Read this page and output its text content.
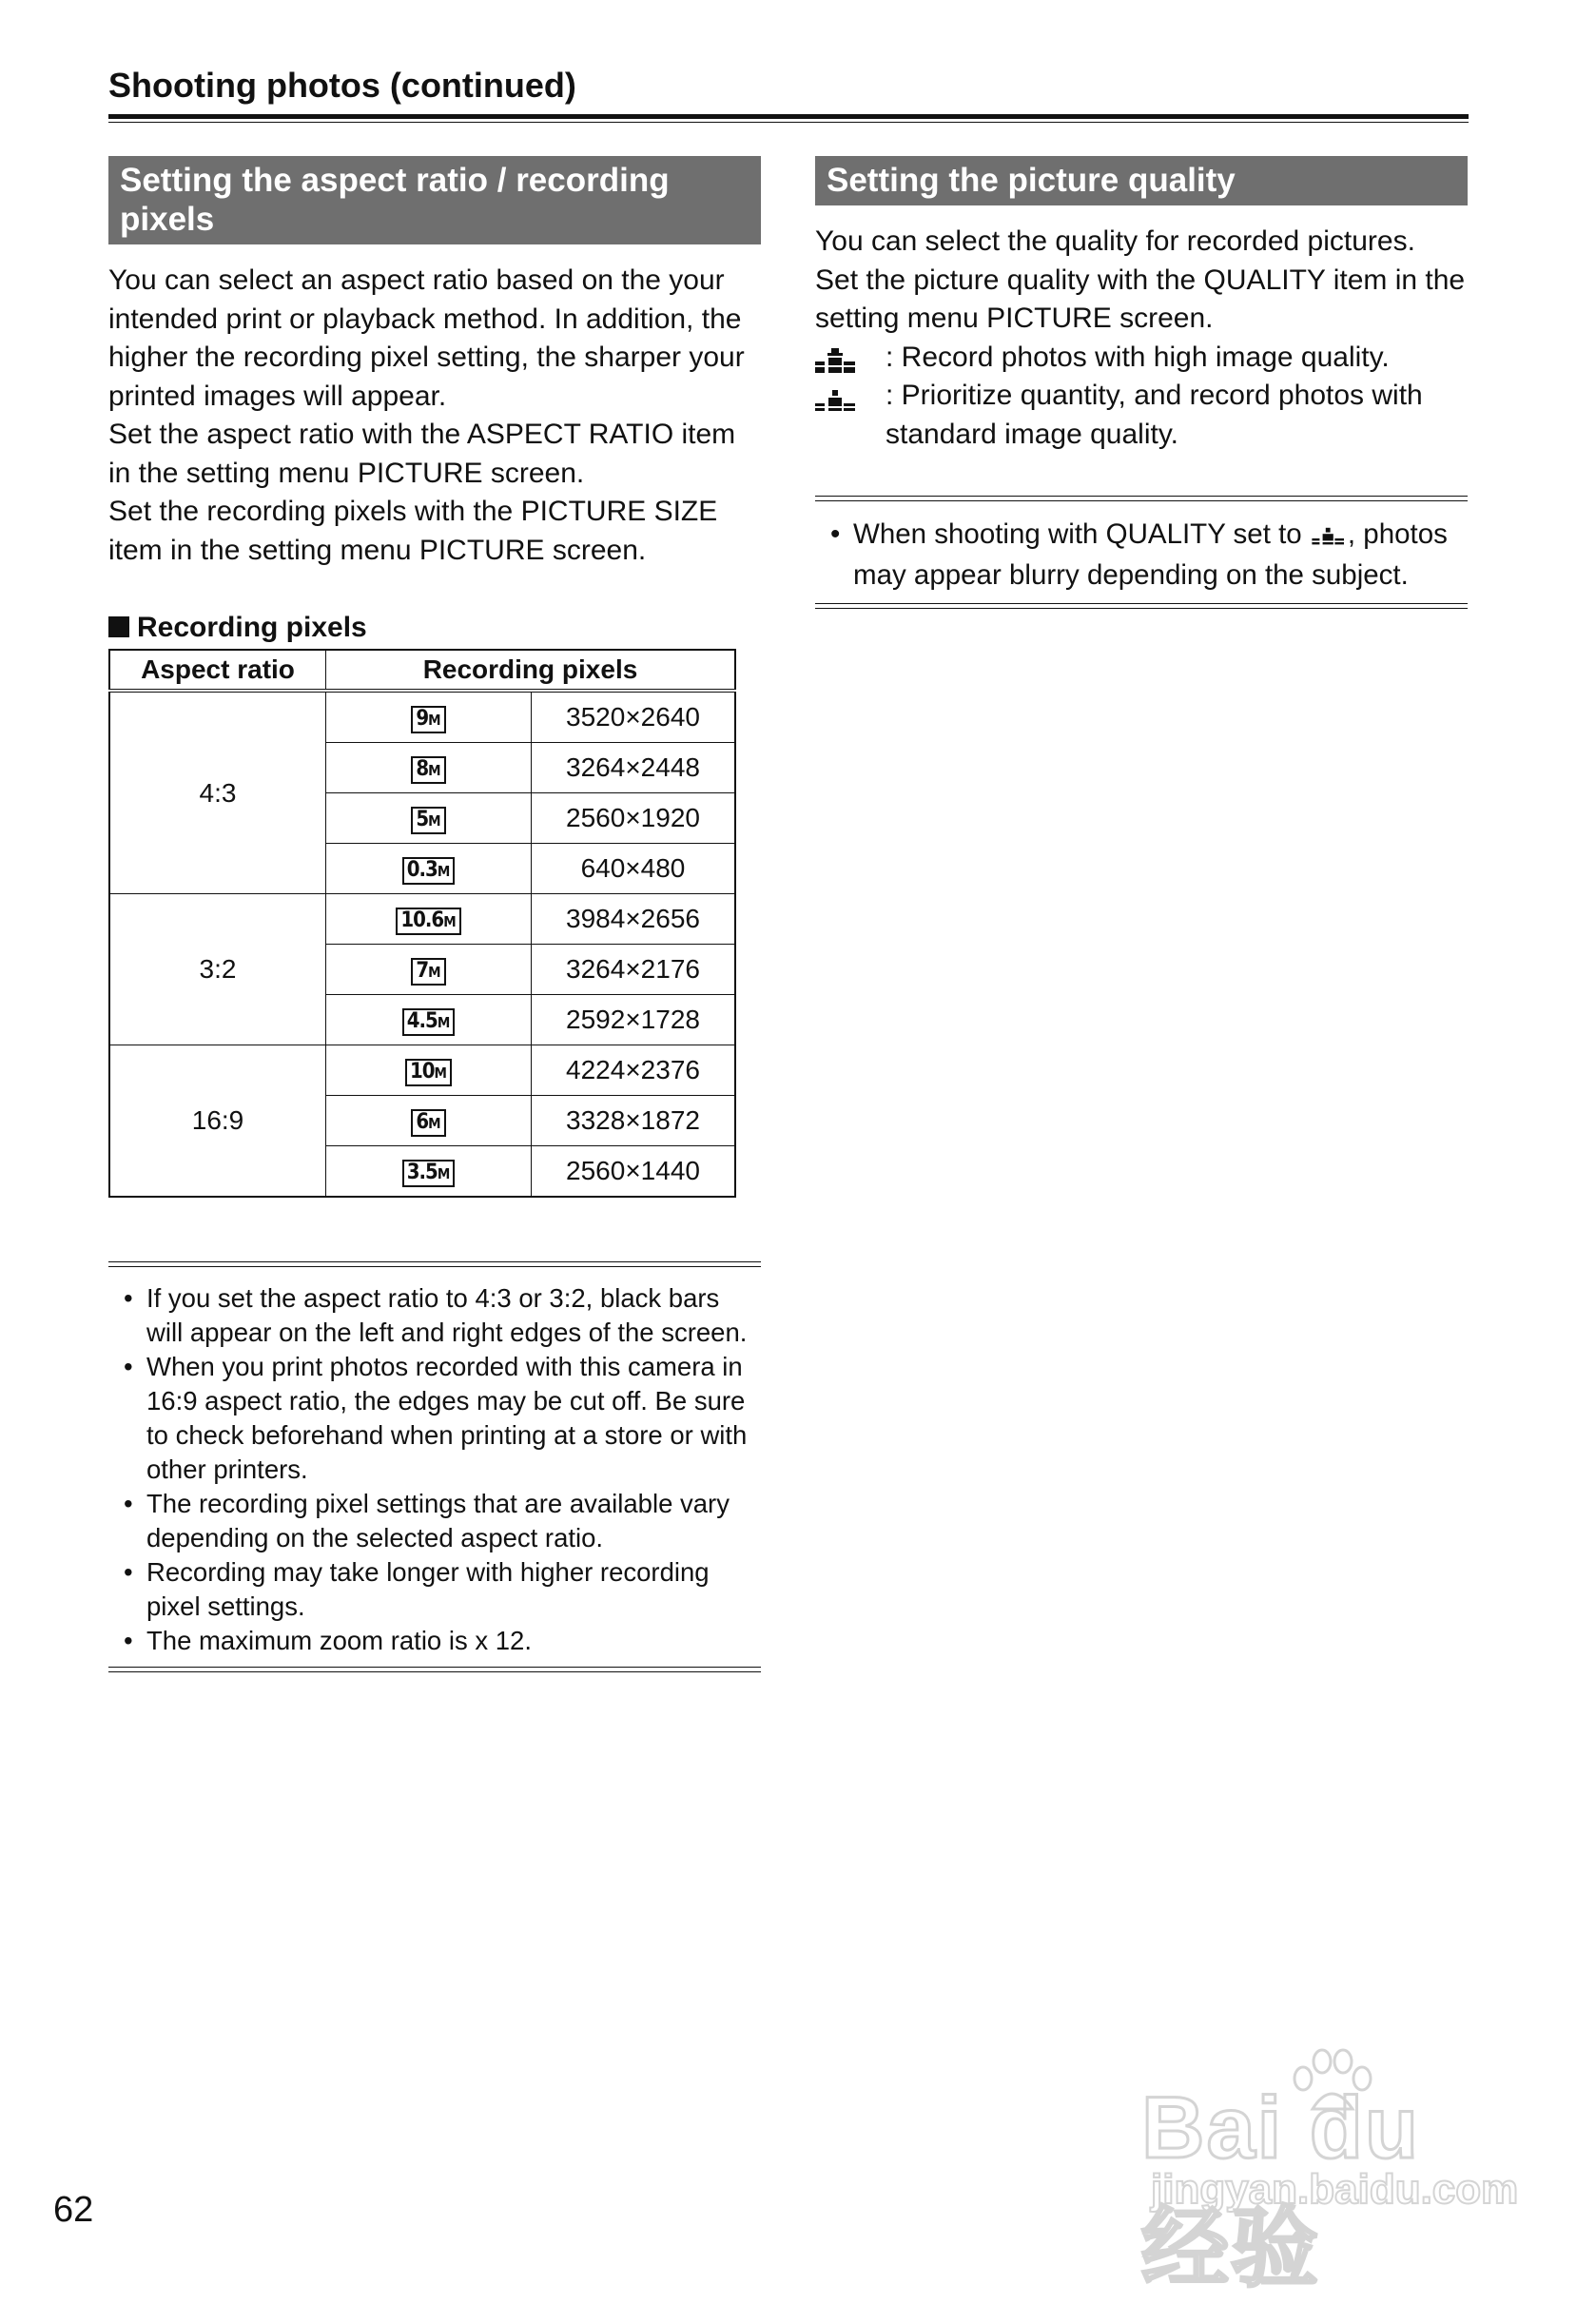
Shooting photos (continued)
Setting the aspect ratio / recording pixels

You can select an aspect ratio based on the your intended print or playback method. In addition, the higher the recording pixel setting, the sharper your printed images will appear.

Set the aspect ratio with the ASPECT RATIO item in the setting menu PICTURE screen.

Set the recording pixels with the PICTURE SIZE item in the setting menu PICTURE screen.

Recording pixels
Aspect ratio	Recording pixels	
4:3	9M	3520×2640
	8M	3264×2448
	5M	2560×1920
	0.3M	640×480
3:2	10.6M	3984×2656
	7M	3264×2176
	4.5M	2592×1728
16:9	10M	4224×2376
	6M	3328×1872
	3.5M	2560×1440
• If you set the aspect ratio to 4:3 or 3:2, black bars will appear on the left and right edges of the screen.
• When you print photos recorded with this camera in 16:9 aspect ratio, the edges may be cut off. Be sure to check beforehand when printing at a store or with other printers.
• The recording pixel settings that are available vary depending on the selected aspect ratio.
• Recording may take longer with higher recording pixel settings.
• The maximum zoom ratio is x 12.
Setting the picture quality

You can select the quality for recorded pictures.

Set the picture quality with the QUALITY item in the setting menu PICTURE screen.

: Record photos with high image quality.
: Prioritize quantity, and record photos with standard image quality.
• When shooting with QUALITY set to , photos may appear blurry depending on the subject.
62
Bai du 经验
jingyan.baidu.com
